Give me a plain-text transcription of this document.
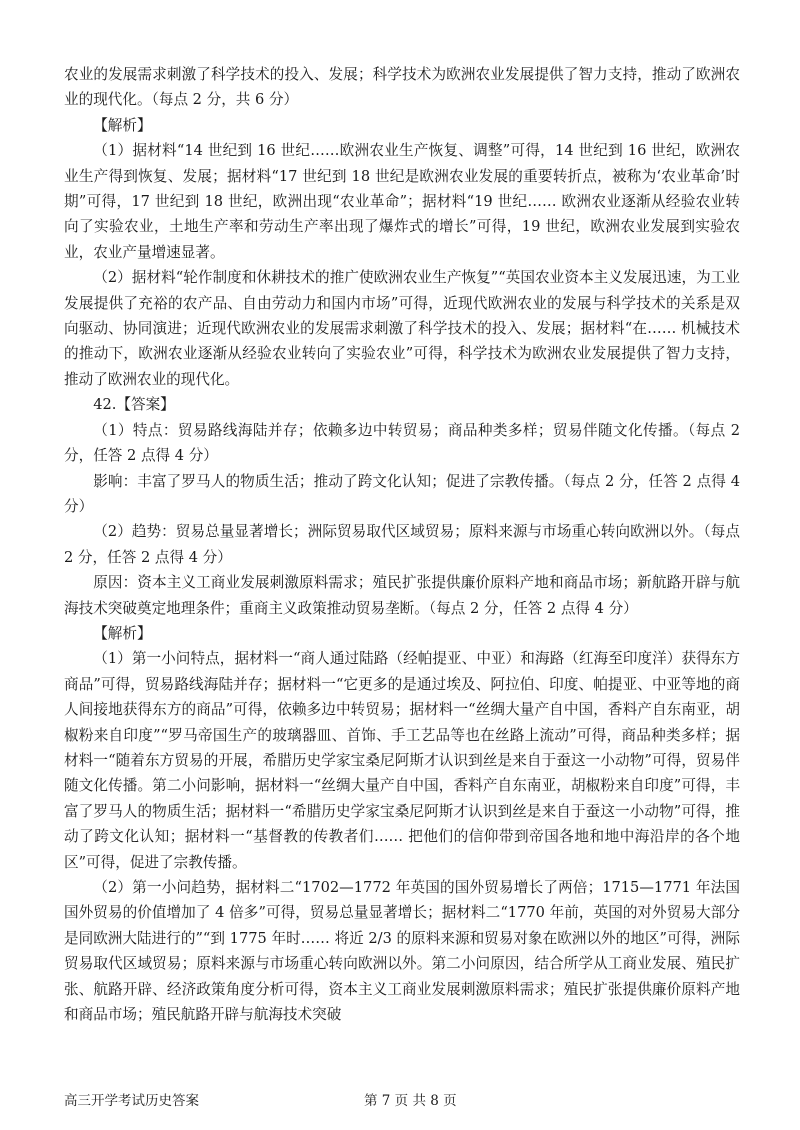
农业的发展需求刺激了科学技术的投入、发展；科学技术为欧洲农业发展提供了智力支持，推动了欧洲农业的现代化。（每点 2 分，共 6 分）

【解析】

（1）据材料“14 世纪到 16 世纪……欧洲农业生产恢复、调整”可得，14 世纪到 16 世纪，欧洲农业生产得到恢复、发展；据材料“17 世纪到 18 世纪是欧洲农业发展的重要转折点，被称为‘农业革命’时期”可得，17 世纪到 18 世纪，欧洲出现“农业革命”；据材料“19 世纪…… 欧洲农业逐渐从经验农业转向了实验农业，土地生产率和劳动生产率出现了爆炸式的增长”可得，19 世纪，欧洲农业发展到实验农业，农业产量增速显著。

（2）据材料“轮作制度和休耕技术的推广使欧洲农业生产恢复”“英国农业资本主义发展迅速，为工业发展提供了充裕的农产品、自由劳动力和国内市场”可得，近现代欧洲农业的发展与科学技术的关系是双向驱动、协同演进；近现代欧洲农业的发展需求刺激了科学技术的投入、发展；据材料“在…… 机械技术的推动下，欧洲农业逐渐从经验农业转向了实验农业”可得，科学技术为欧洲农业发展提供了智力支持，推动了欧洲农业的现代化。

42.【答案】

（1）特点：贸易路线海陆并存；依赖多边中转贸易；商品种类多样；贸易伴随文化传播。（每点 2 分，任答 2 点得 4 分）

影响：丰富了罗马人的物质生活；推动了跨文化认知；促进了宗教传播。（每点 2 分，任答 2 点得 4 分）

（2）趋势：贸易总量显著增长；洲际贸易取代区域贸易；原料来源与市场重心转向欧洲以外。（每点 2 分，任答 2 点得 4 分）

原因：资本主义工商业发展刺激原料需求；殖民扩张提供廉价原料产地和商品市场；新航路开辟与航海技术突破奠定地理条件；重商主义政策推动贸易垄断。（每点 2 分，任答 2 点得 4 分）

【解析】

（1）第一小问特点，据材料一“商人通过陆路（经帕提亚、中亚）和海路（红海至印度洋）获得东方商品”可得，贸易路线海陆并存；据材料一“它更多的是通过埃及、阿拉伯、印度、帕提亚、中亚等地的商人间接地获得东方的商品”可得，依赖多边中转贸易；据材料一“丝绸大量产自中国，香料产自东南亚，胡椒粉来自印度”“罗马帝国生产的玻璃器皿、首饰、手工艺品等也在丝路上流动”可得，商品种类多样；据材料一“随着东方贸易的开展，希腊历史学家宝桑尼阿斯才认识到丝是来自于蚕这一小动物”可得，贸易伴随文化传播。第二小问影响，据材料一“丝绸大量产自中国，香料产自东南亚，胡椒粉来自印度”可得，丰富了罗马人的物质生活；据材料一“希腊历史学家宝桑尼阿斯才认识到丝是来自于蚕这一小动物”可得，推动了跨文化认知；据材料一“基督教的传教者们…… 把他们的信仰带到帝国各地和地中海沿岸的各个地区”可得，促进了宗教传播。

（2）第一小问趋势，据材料二“1702—1772 年英国的国外贸易增长了两倍；1715—1771 年法国国外贸易的价值增加了 4 倍多”可得，贸易总量显著增长；据材料二“1770 年前，英国的对外贸易大部分是同欧洲大陆进行的”“到 1775 年时…… 将近 2/3 的原料来源和贸易对象在欧洲以外的地区”可得，洲际贸易取代区域贸易；原料来源与市场重心转向欧洲以外。第二小问原因，结合所学从工商业发展、殖民扩张、航路开辟、经济政策角度分析可得，资本主义工商业发展刺激原料需求；殖民扩张提供廉价原料产地和商品市场；殖民航路开辟与航海技术突破

高三开学考试历史答案	第 7 页 共 8 页
